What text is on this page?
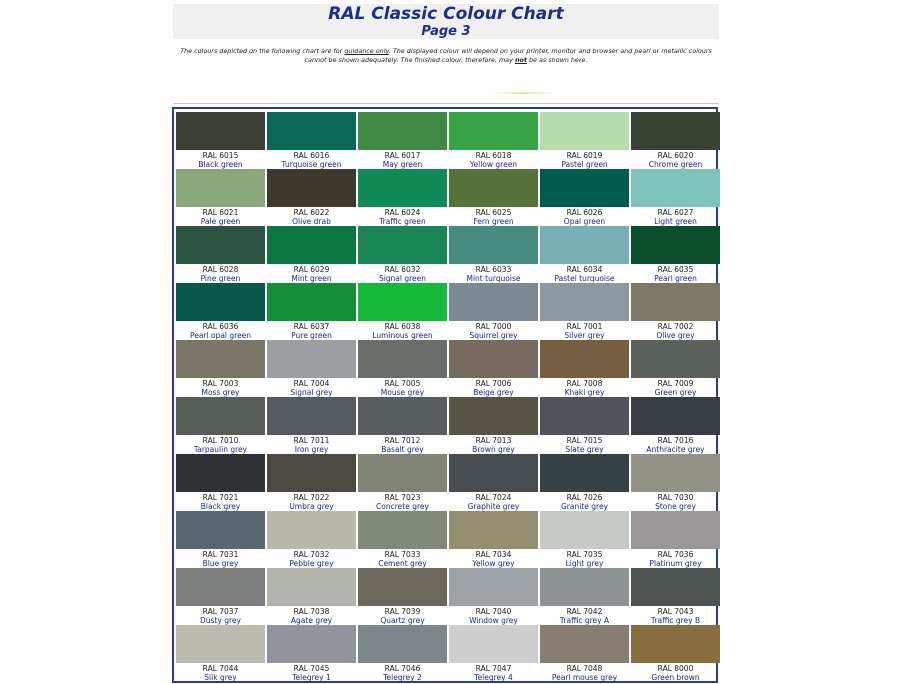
RAL Classic Colour Chart
Page 3
The colours depicted on the following chart are for guidance only. The displayed colour will depend on your printer, monitor and browser and pearl or metallic colours cannot be shown adequately. The finished colour, therefore, may not be as shown here.
RAL 6015
Black green
RAL 6016
Turquoise green
RAL 6017
May green
RAL 6018
Yellow green
RAL 6019
Pastel green
RAL 6020
Chrome green
RAL 6021
Pale green
RAL 6022
Olive drab
RAL 6024
Traffic green
RAL 6025
Fern green
RAL 6026
Opal green
RAL 6027
Light green
RAL 6028
Pine green
RAL 6029
Mint green
RAL 6032
Signal green
RAL 6033
Mint turquoise
RAL 6034
Pastel turquoise
RAL 6035
Pearl green
RAL 6036
Pearl opal green
RAL 6037
Pure green
RAL 6038
Luminous green
RAL 7000
Squirrel grey
RAL 7001
Silver grey
RAL 7002
Olive grey
RAL 7003
Moss grey
RAL 7004
Signal grey
RAL 7005
Mouse grey
RAL 7006
Beige grey
RAL 7008
Khaki grey
RAL 7009
Green grey
RAL 7010
Tarpaulin grey
RAL 7011
Iron grey
RAL 7012
Basalt grey
RAL 7013
Brown grey
RAL 7015
Slate grey
RAL 7016
Anthracite grey
RAL 7021
Black grey
RAL 7022
Umbra grey
RAL 7023
Concrete grey
RAL 7024
Graphite grey
RAL 7026
Granite grey
RAL 7030
Stone grey
RAL 7031
Blue grey
RAL 7032
Pebble grey
RAL 7033
Cement grey
RAL 7034
Yellow grey
RAL 7035
Light grey
RAL 7036
Platinum grey
RAL 7037
Dusty grey
RAL 7038
Agate grey
RAL 7039
Quartz grey
RAL 7040
Window grey
RAL 7042
Traffic grey A
RAL 7043
Traffic grey B
RAL 7044
Silk grey
RAL 7045
Telegrey 1
RAL 7046
Telegrey 2
RAL 7047
Telegrey 4
RAL 7048
Pearl mouse grey
RAL 8000
Green brown
